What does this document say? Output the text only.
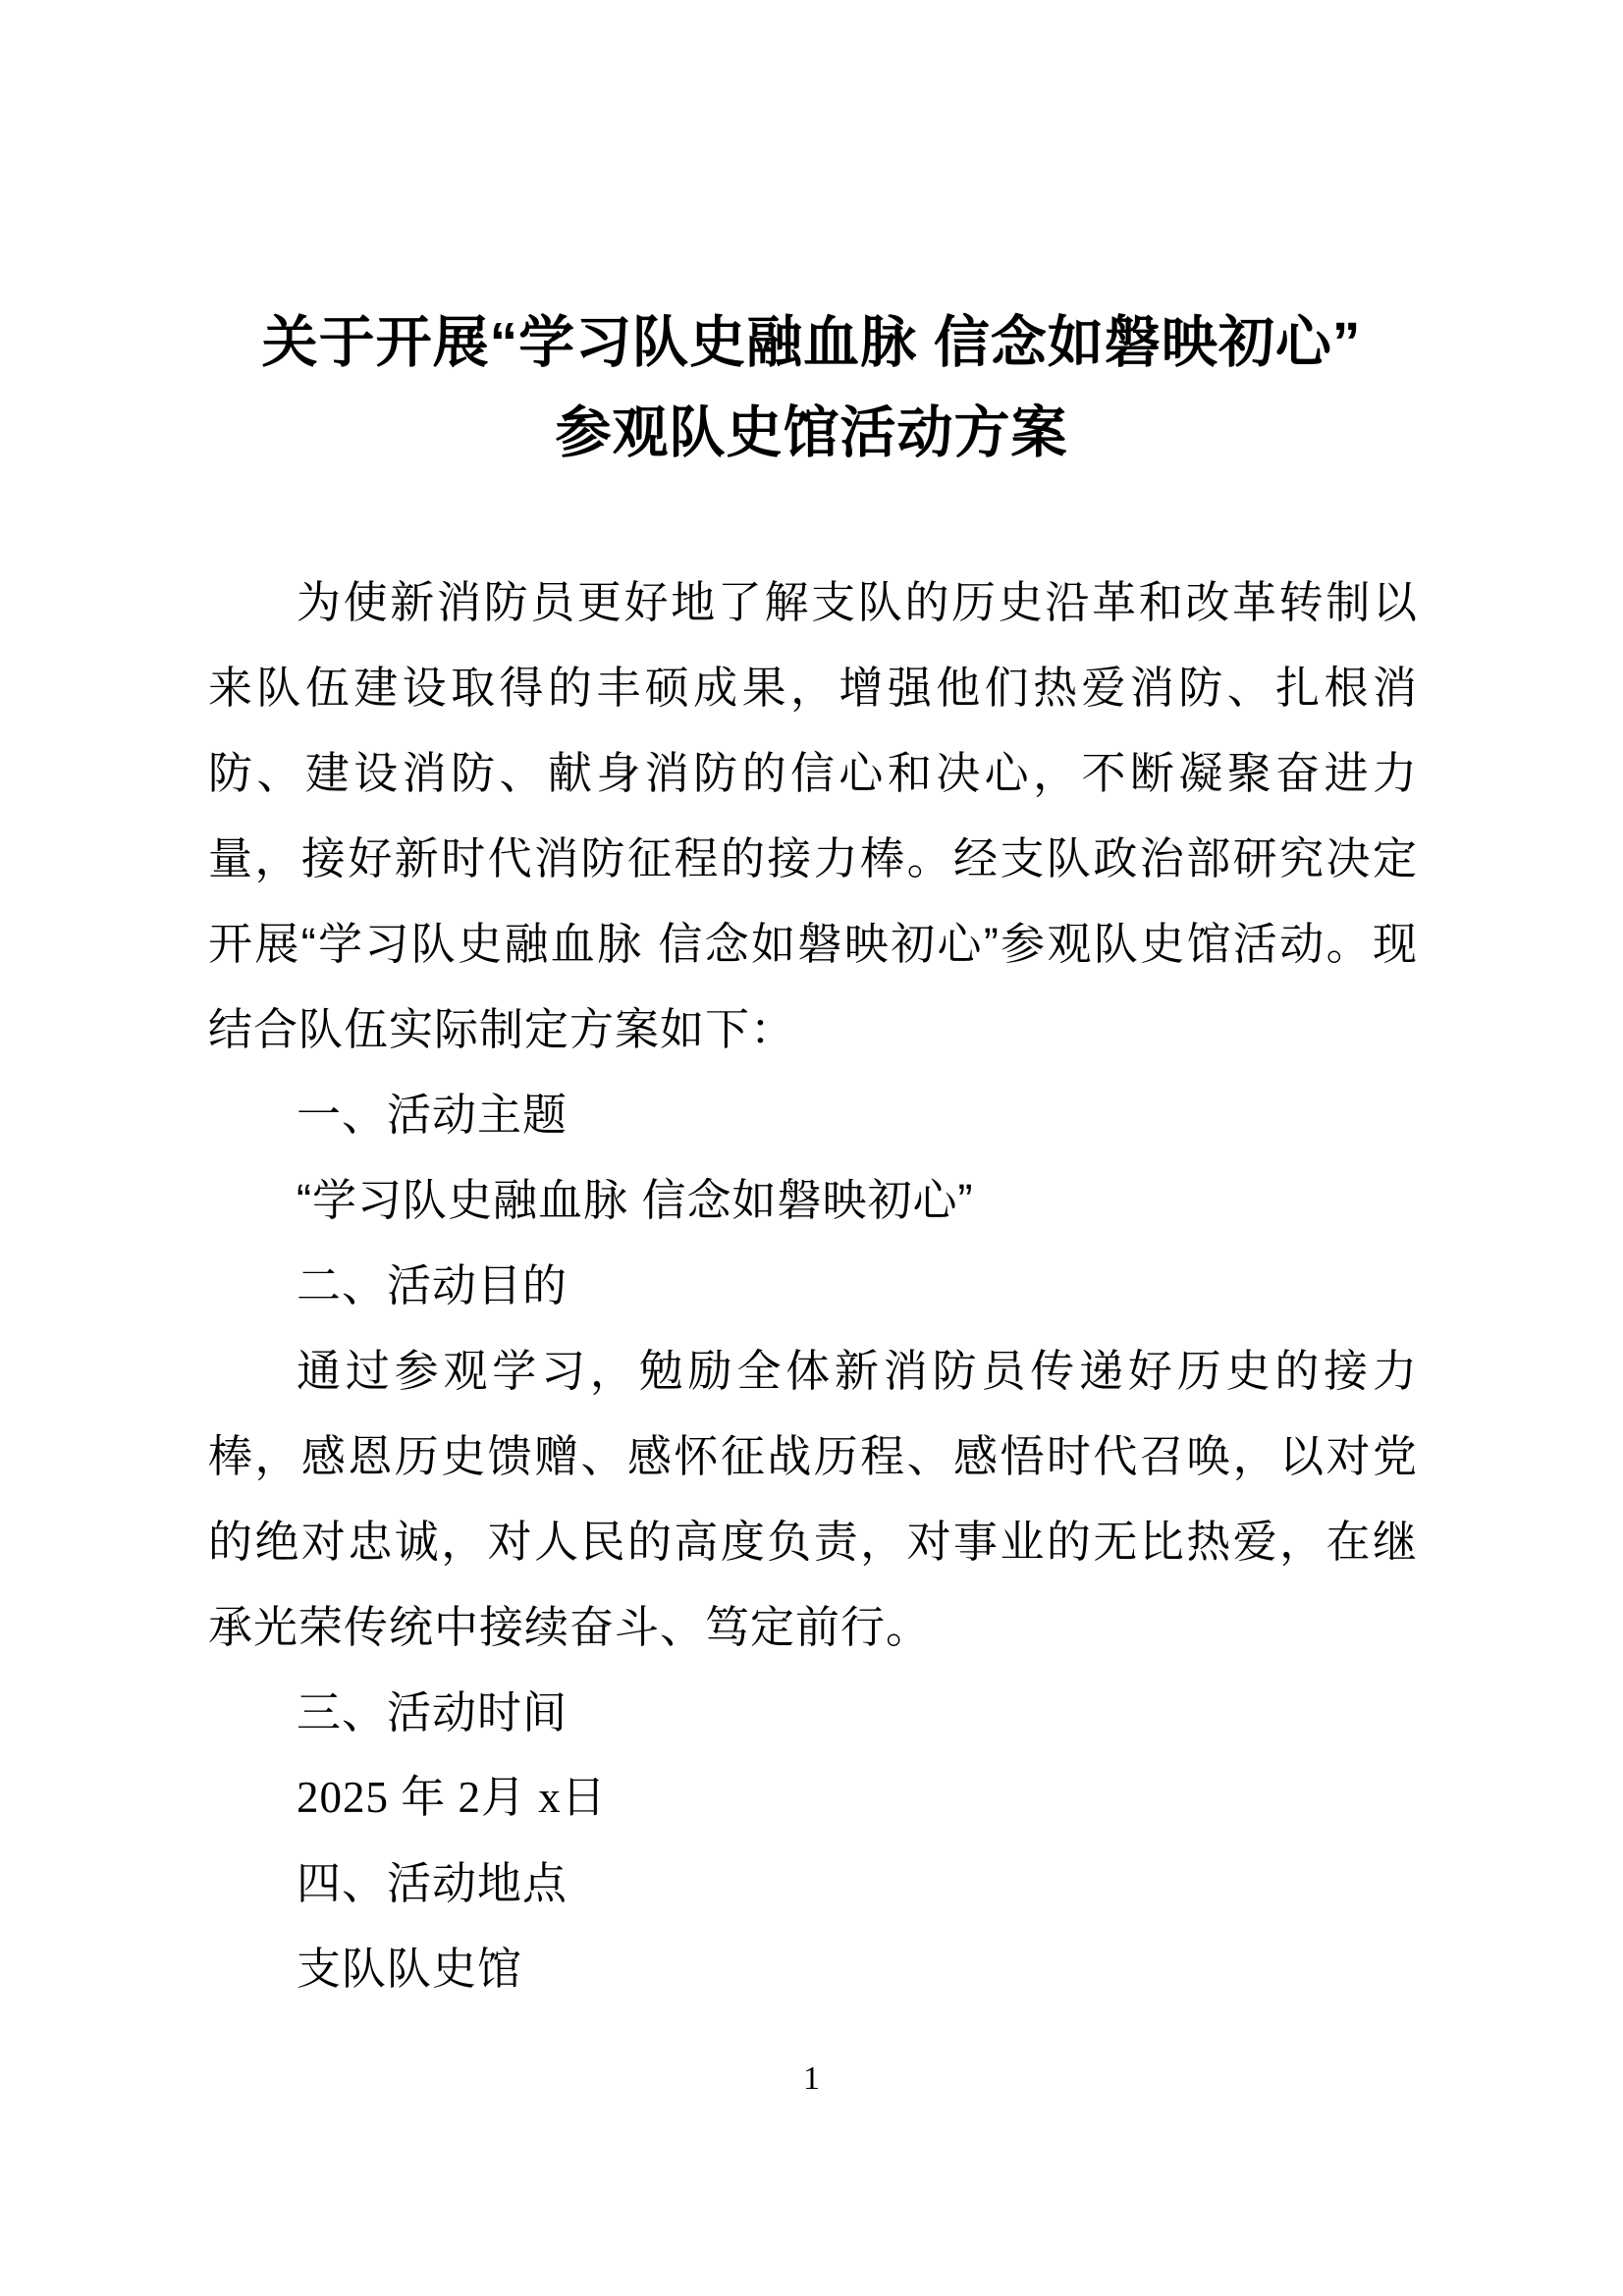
关于开展“学习队史融血脉 信念如磐映初心”
参观队史馆活动方案

为使新消防员更好地了解支队的历史沿革和改革转制以来队伍建设取得的丰硕成果，增强他们热爱消防、扎根消防、建设消防、献身消防的信心和决心，不断凝聚奋进力量，接好新时代消防征程的接力棒。经支队政治部研究决定开展“学习队史融血脉 信念如磐映初心”参观队史馆活动。现结合队伍实际制定方案如下：

一、活动主题

“学习队史融血脉 信念如磐映初心”

二、活动目的

通过参观学习，勉励全体新消防员传递好历史的接力棒，感恩历史馈赠、感怀征战历程、感悟时代召唤，以对党的绝对忠诚，对人民的高度负责，对事业的无比热爱，在继承光荣传统中接续奋斗、笃定前行。

三、活动时间

2025 年 2月 x日

四、活动地点

支队队史馆

1
